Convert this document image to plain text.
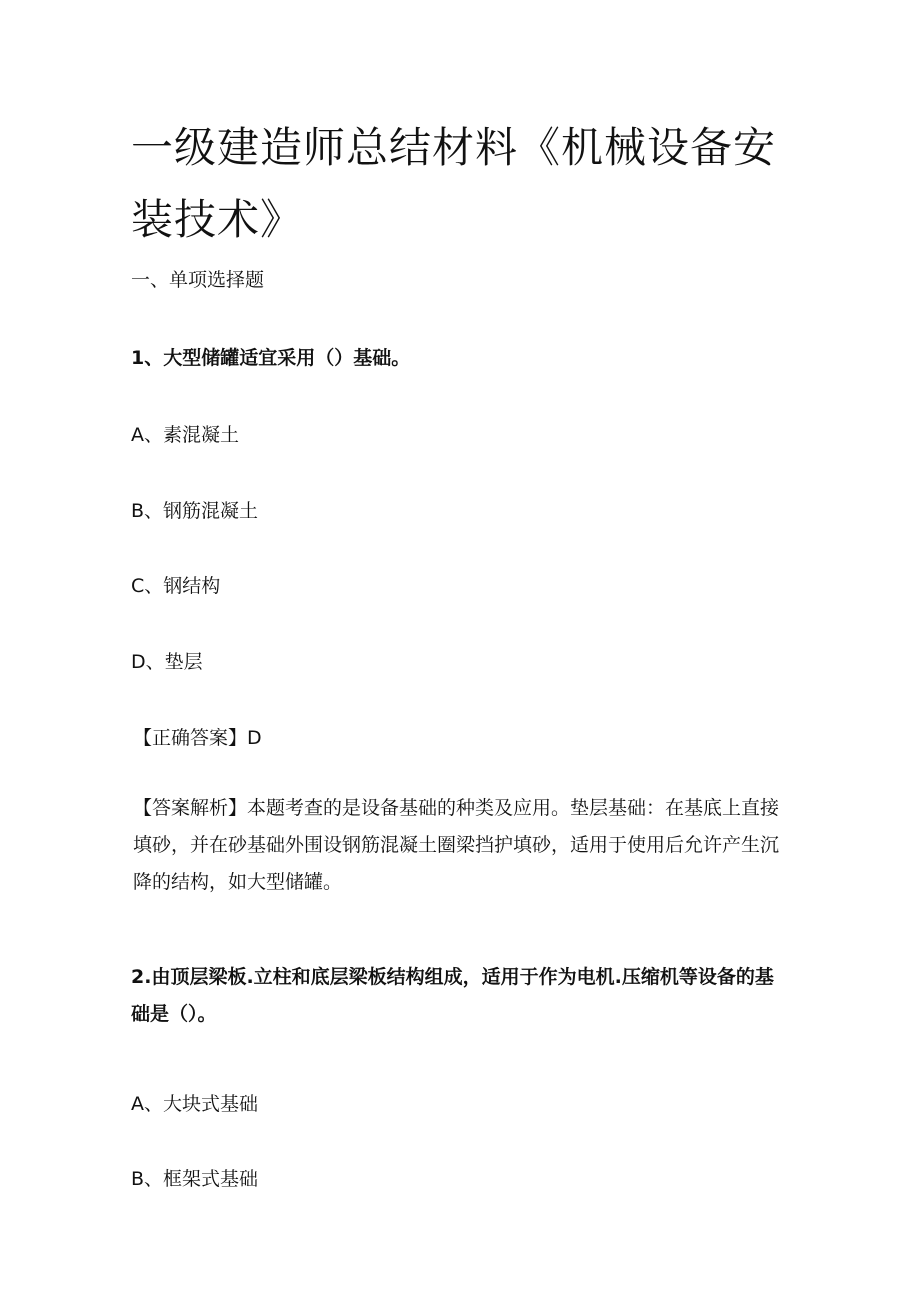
一级建造师总结材料《机械设备安装技术》
一、单项选择题
1、大型储罐适宜采用（）基础。
A、素混凝土
B、钢筋混凝土
C、钢结构
D、垫层
【正确答案】D

【答案解析】本题考查的是设备基础的种类及应用。垫层基础：在基底上直接填砂，并在砂基础外围设钢筋混凝土圈梁挡护填砂，适用于使用后允许产生沉降的结构，如大型储罐。

2.由顶层梁板.立柱和底层梁板结构组成，适用于作为电机.压缩机等设备的基础是（）。

A、大块式基础
B、框架式基础
